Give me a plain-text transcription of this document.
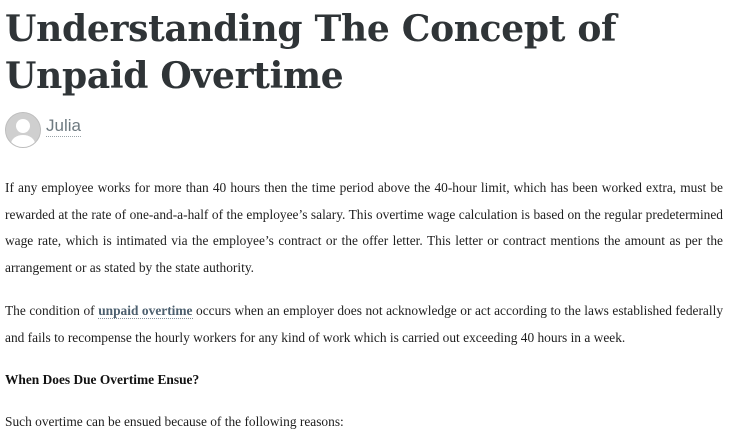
Understanding The Concept of Unpaid Overtime
Julia

If any employee works for more than 40 hours then the time period above the 40-hour limit, which has been worked extra, must be rewarded at the rate of one-and-a-half of the employee’s salary. This overtime wage calculation is based on the regular predetermined wage rate, which is intimated via the employee’s contract or the offer letter. This letter or contract mentions the amount as per the arrangement or as stated by the state authority.

The condition of unpaid overtime occurs when an employer does not acknowledge or act according to the laws established federally and fails to recompense the hourly workers for any kind of work which is carried out exceeding 40 hours in a week.

When Does Due Overtime Ensue?

Such overtime can be ensued because of the following reasons:
